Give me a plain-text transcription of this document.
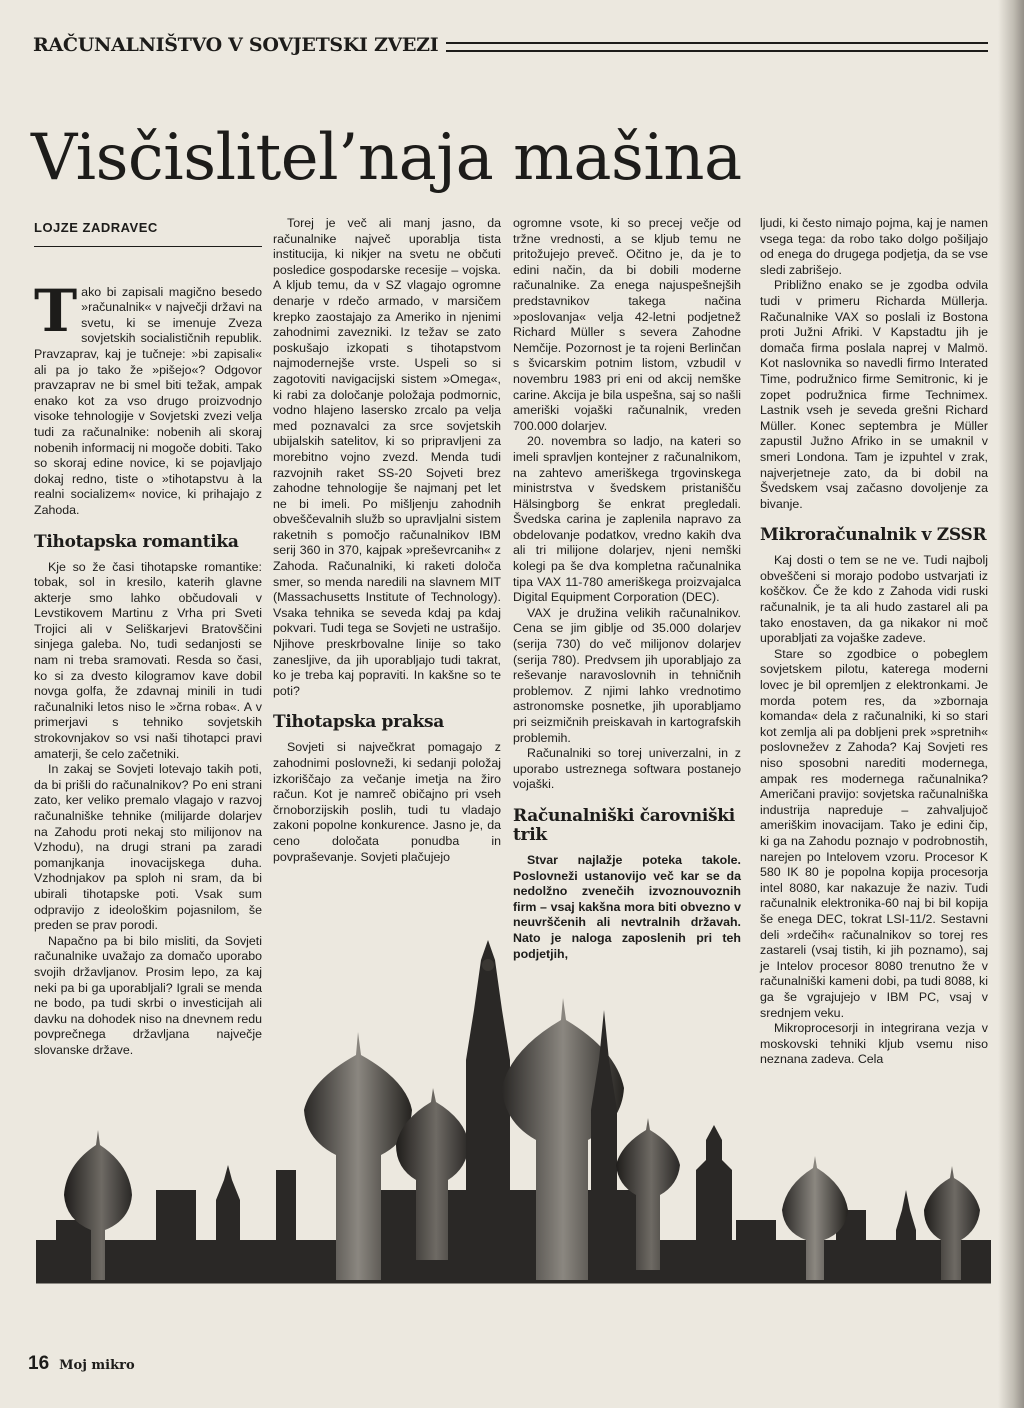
RAČUNALNIŠTVO V SOVJETSKI ZVEZI
Visčislitel’naja mašina
LOJZE ZADRAVEC

Tako bi zapisali magično besedo »računalnik« v največji državi na svetu, ki se imenuje Zveza sovjetskih socialističnih republik. Pravzaprav, kaj je tučneje: »bi zapisali« ali pa jo tako že »pišejo«? Odgovor pravzaprav ne bi smel biti težak, ampak enako kot za vso drugo proizvodnjo visoke tehnologije v Sovjetski zvezi velja tudi za računalnike: nobenih ali skoraj nobenih informacij ni mogoče dobiti. Tako so skoraj edine novice, ki se pojavljajo dokaj redno, tiste o »tihotapstvu à la realni socializem« novice, ki prihajajo z Zahoda.

Tihotapska romantika

Kje so že časi tihotapske romantike: tobak, sol in kresilo, katerih glavne akterje smo lahko občudovali v Levstikovem Martinu z Vrha pri Sveti Trojici ali v Seliškarjevi Bratovščini sinjega galeba. No, tudi sedanjosti se nam ni treba sramovati. Resda so časi, ko si za dvesto kilogramov kave dobil novga golfa, že zdavnaj minili in tudi računalniki letos niso le »črna roba«. A v primerjavi s tehniko sovjetskih strokovnjakov so vsi naši tihotapci pravi amaterji, še celo začetniki.

In zakaj se Sovjeti lotevajo takih poti, da bi prišli do računalnikov? Po eni strani zato, ker veliko premalo vlagajo v razvoj računalniške tehnike (milijarde dolarjev na Zahodu proti nekaj sto milijonov na Vzhodu), na drugi strani pa zaradi pomanjkanja inovacijskega duha. Vzhodnjakov pa sploh ni sram, da bi ubirali tihotapske poti. Vsak sum odpravijo z ideološkim pojasnilom, še preden se prav porodi.

Napačno pa bi bilo misliti, da Sovjeti računalnike uvažajo za domačo uporabo svojih državljanov. Prosim lepo, za kaj neki pa bi ga uporabljali? Igrali se menda ne bodo, pa tudi skrbi o investicijah ali davku na dohodek niso na dnevnem redu povprečnega državljana največje slovanske države.

Torej je več ali manj jasno, da računalnike največ uporablja tista institucija, ki nikjer na svetu ne občuti posledice gospodarske recesije – vojska. A kljub temu, da v SZ vlagajo ogromne denarje v rdečo armado, v marsičem krepko zaostajajo za Ameriko in njenimi zahodnimi zavezniki. Iz težav se zato poskušajo izkopati s tihotapstvom najmodernejše vrste. Uspeli so si zagotoviti navigacijski sistem »Omega«, ki rabi za določanje položaja podmornic, vodno hlajeno lasersko zrcalo pa velja med poznavalci za srce sovjetskih ubijalskih satelitov, ki so pripravljeni za morebitno vojno zvezd. Menda tudi razvojnih raket SS-20 Sojveti brez zahodne tehnologije še najmanj pet let ne bi imeli. Po mišljenju zahodnih obveščevalnih služb so upravljalni sistem raketnih s pomočjo računalnikov IBM serij 360 in 370, kajpak »preševrcanih« z Zahoda. Računalniki, ki raketi določa smer, so menda naredili na slavnem MIT (Massachusetts Institute of Technology). Vsaka tehnika se seveda kdaj pa kdaj pokvari. Tudi tega se Sovjeti ne ustrašijo. Njihove preskrbovalne linije so tako zanesljive, da jih uporabljajo tudi takrat, ko je treba kaj popraviti. In kakšne so te poti?

Tihotapska praksa

Sovjeti si največkrat pomagajo z zahodnimi poslovneži, ki sedanji položaj izkoriščajo za večanje imetja na žiro račun. Kot je namreč običajno pri vseh črnoborzijskih poslih, tudi tu vladajo zakoni popolne konkurence. Jasno je, da ceno določata ponudba in povpraševanje. Sovjeti plačujejo

ogromne vsote, ki so precej večje od tržne vrednosti, a se kljub temu ne pritožujejo preveč. Očitno je, da je to edini način, da bi dobili moderne računalnike. Za enega najuspešnejših predstavnikov takega načina »poslovanja« velja 42-letni podjetnež Richard Müller s severa Zahodne Nemčije. Pozornost je ta rojeni Berlinčan s švicarskim potnim listom, vzbudil v novembru 1983 pri eni od akcij nemške carine. Akcija je bila uspešna, saj so našli ameriški vojaški računalnik, vreden 700.000 dolarjev.

20. novembra so ladjo, na kateri so imeli spravljen kontejner z računalnikom, na zahtevo ameriškega trgovinskega ministrstva v švedskem pristanišču Hälsingborg še enkrat pregledali. Švedska carina je zaplenila napravo za obdelovanje podatkov, vredno kakih dva ali tri milijone dolarjev, njeni nemški kolegi pa še dva kompletna računalnika tipa VAX 11-780 ameriškega proizvajalca Digital Equipment Corporation (DEC).

VAX je družina velikih računalnikov. Cena se jim giblje od 35.000 dolarjev (serija 730) do več milijonov dolarjev (serija 780). Predvsem jih uporabljajo za reševanje naravoslovnih in tehničnih problemov. Z njimi lahko vrednotimo astronomske posnetke, jih uporabljamo pri seizmičnih preiskavah in kartografskih problemih.

Računalniki so torej univerzalni, in z uporabo ustreznega softwara postanejo vojaški.

Računalniški čarovniški trik

Stvar najlažje poteka takole. Poslovneži ustanovijo več kar se da nedolžno zvenečih izvoznouvoznih firm – vsaj kakšna mora biti obvezno v neuvrščenih ali nevtralnih državah. Nato je naloga zaposlenih pri teh podjetjih,

ljudi, ki često nimajo pojma, kaj je namen vsega tega: da robo tako dolgo pošiljajo od enega do drugega podjetja, da se vse sledi zabrišejo.

Približno enako se je zgodba odvila tudi v primeru Richarda Müllerja. Računalnike VAX so poslali iz Bostona proti Južni Afriki. V Kapstadtu jih je domača firma poslala naprej v Malmö. Kot naslovnika so navedli firmo Interated Time, podružnico firme Semitronic, ki je zopet podružnica firme Technimex. Lastnik vseh je seveda grešni Richard Müller. Konec septembra je Müller zapustil Južno Afriko in se umaknil v smeri Londona. Tam je izpuhtel v zrak, najverjetneje zato, da bi dobil na Švedskem vsaj začasno dovoljenje za bivanje.

Mikroračunalnik v ZSSR

Kaj dosti o tem se ne ve. Tudi najbolj obveščeni si morajo podobo ustvarjati iz koščkov. Če že kdo z Zahoda vidi ruski računalnik, je ta ali hudo zastarel ali pa tako enostaven, da ga nikakor ni moč uporabljati za vojaške zadeve.

Stare so zgodbice o pobeglem sovjetskem pilotu, katerega moderni lovec je bil opremljen z elektronkami. Je morda potem res, da »zbornaja komanda« dela z računalniki, ki so stari kot zemlja ali pa dobljeni prek »spretnih« poslovnežev z Zahoda? Kaj Sovjeti res niso sposobni narediti modernega, ampak res modernega računalnika? Američani pravijo: sovjetska računalniška industrija napreduje – zahvaljujoč ameriškim inovacijam. Tako je edini čip, ki ga na Zahodu poznajo v podrobnostih, narejen po Intelovem vzoru. Procesor K 580 IK 80 je popolna kopija procesorja intel 8080, kar nakazuje že naziv. Tudi računalnik elektronika-60 naj bi bil kopija še enega DEC, tokrat LSI-11/2. Sestavni deli »rdečih« računalnikov so torej res zastareli (vsaj tistih, ki jih poznamo), saj je Intelov procesor 8080 trenutno že v računalniški kameni dobi, pa tudi 8088, ki ga še vgrajujejo v IBM PC, vsaj v srednjem veku.

Mikroprocesorji in integrirana vezja v moskovski tehniki kljub vsemu niso neznana zadeva. Cela

16 Moj mikro
